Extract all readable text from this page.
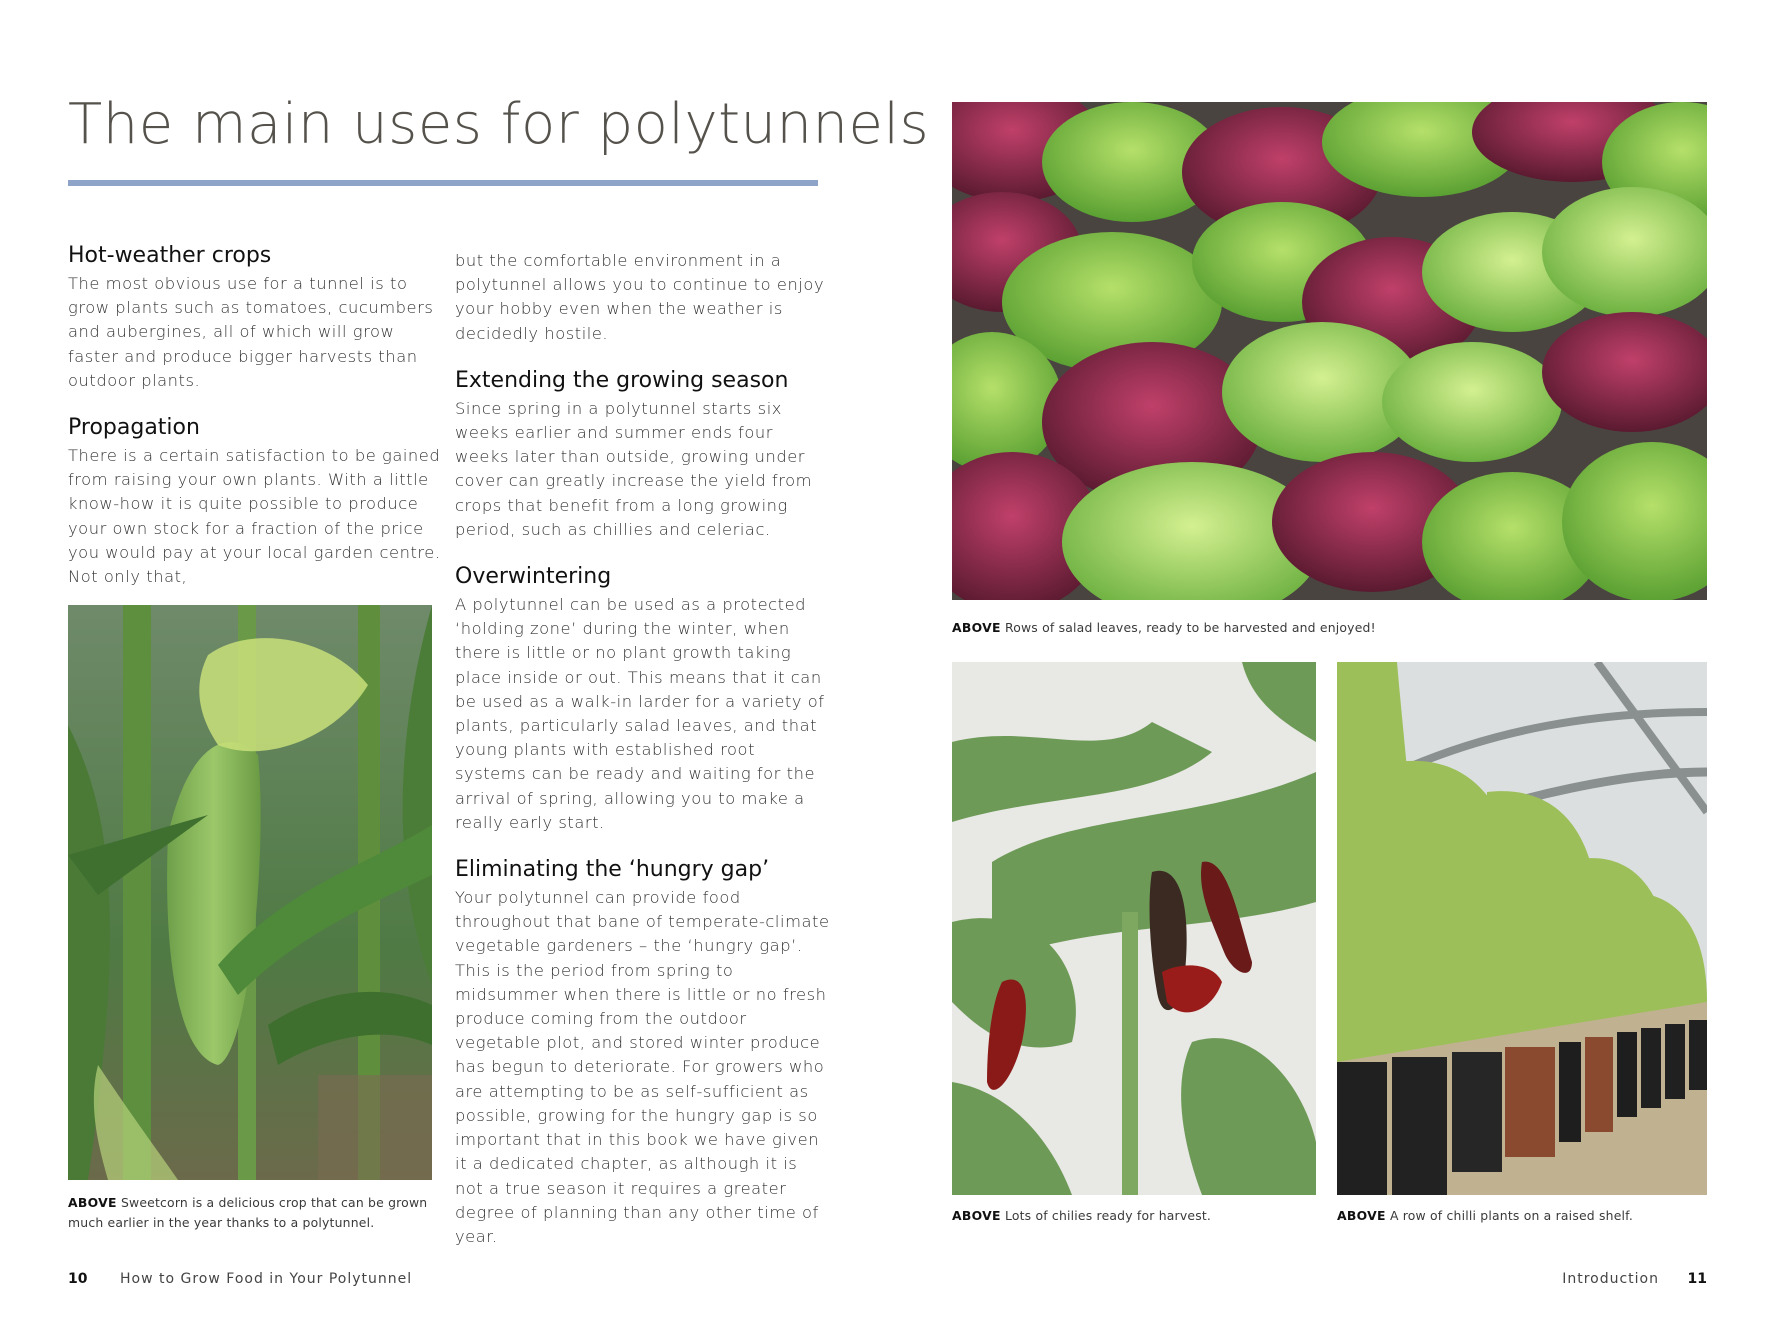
The main uses for polytunnels
Hot-weather crops

The most obvious use for a tunnel is to grow plants such as tomatoes, cucumbers and aubergines, all of which will grow faster and produce bigger harvests than outdoor plants.

Propagation

There is a certain satisfaction to be gained from raising your own plants. With a little know-how it is quite possible to produce your own stock for a fraction of the price you would pay at your local garden centre. Not only that,

ABOVE Sweetcorn is a delicious crop that can be grown much earlier in the year thanks to a polytunnel.

but the comfortable environment in a polytunnel allows you to continue to enjoy your hobby even when the weather is decidedly hostile.

Extending the growing season

Since spring in a polytunnel starts six weeks earlier and summer ends four weeks later than outside, growing under cover can greatly increase the yield from crops that benefit from a long growing period, such as chillies and celeriac.

Overwintering

A polytunnel can be used as a protected ‘holding zone’ during the winter, when there is little or no plant growth taking place inside or out. This means that it can be used as a walk-in larder for a variety of plants, particularly salad leaves, and that young plants with established root systems can be ready and waiting for the arrival of spring, allowing you to make a really early start.

Eliminating the ‘hungry gap’

Your polytunnel can provide food throughout that bane of temperate-climate vegetable gardeners – the ‘hungry gap’. This is the period from spring to midsummer when there is little or no fresh produce coming from the outdoor vegetable plot, and stored winter produce has begun to deteriorate. For growers who are attempting to be as self-sufficient as possible, growing for the hungry gap is so important that in this book we have given it a dedicated chapter, as although it is not a true season it requires a greater degree of planning than any other time of year.

ABOVE Rows of salad leaves, ready to be harvested and enjoyed!
ABOVE Lots of chilies ready for harvest.	ABOVE A row of chilli plants on a raised shelf.
10 How to Grow Food in Your Polytunnel	Introduction 11
